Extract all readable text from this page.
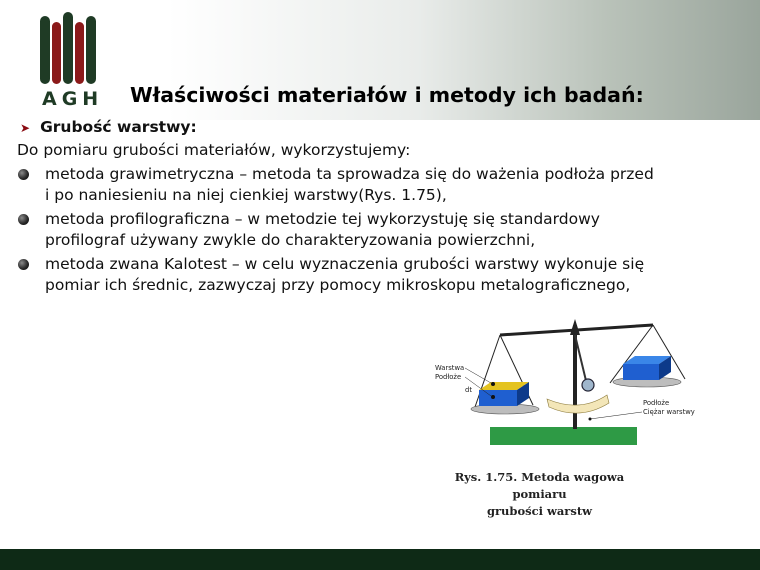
AGH Właściwości materiałów i metody ich badań:
➤ Grubość warstwy:
Do pomiaru grubości materiałów, wykorzystujemy:
metoda grawimetryczna – metoda ta sprowadza się do ważenia podłoża przed
i po naniesieniu na niej cienkiej warstwy(Rys. 1.75),
metoda profilograficzna – w metodzie tej wykorzystuję się standardowy
profilograf używany zwykle do charakteryzowania powierzchni,
metoda zwana Kalotest – w celu wyznaczenia grubości warstwy wykonuje się
pomiar ich średnic, zazwyczaj przy pomocy mikroskopu metalograficznego,
Warstwa
Podłoże
dt
Podłoże
Ciężar warstwy
Rys. 1.75. Metoda wagowa pomiaru
grubości warstw
